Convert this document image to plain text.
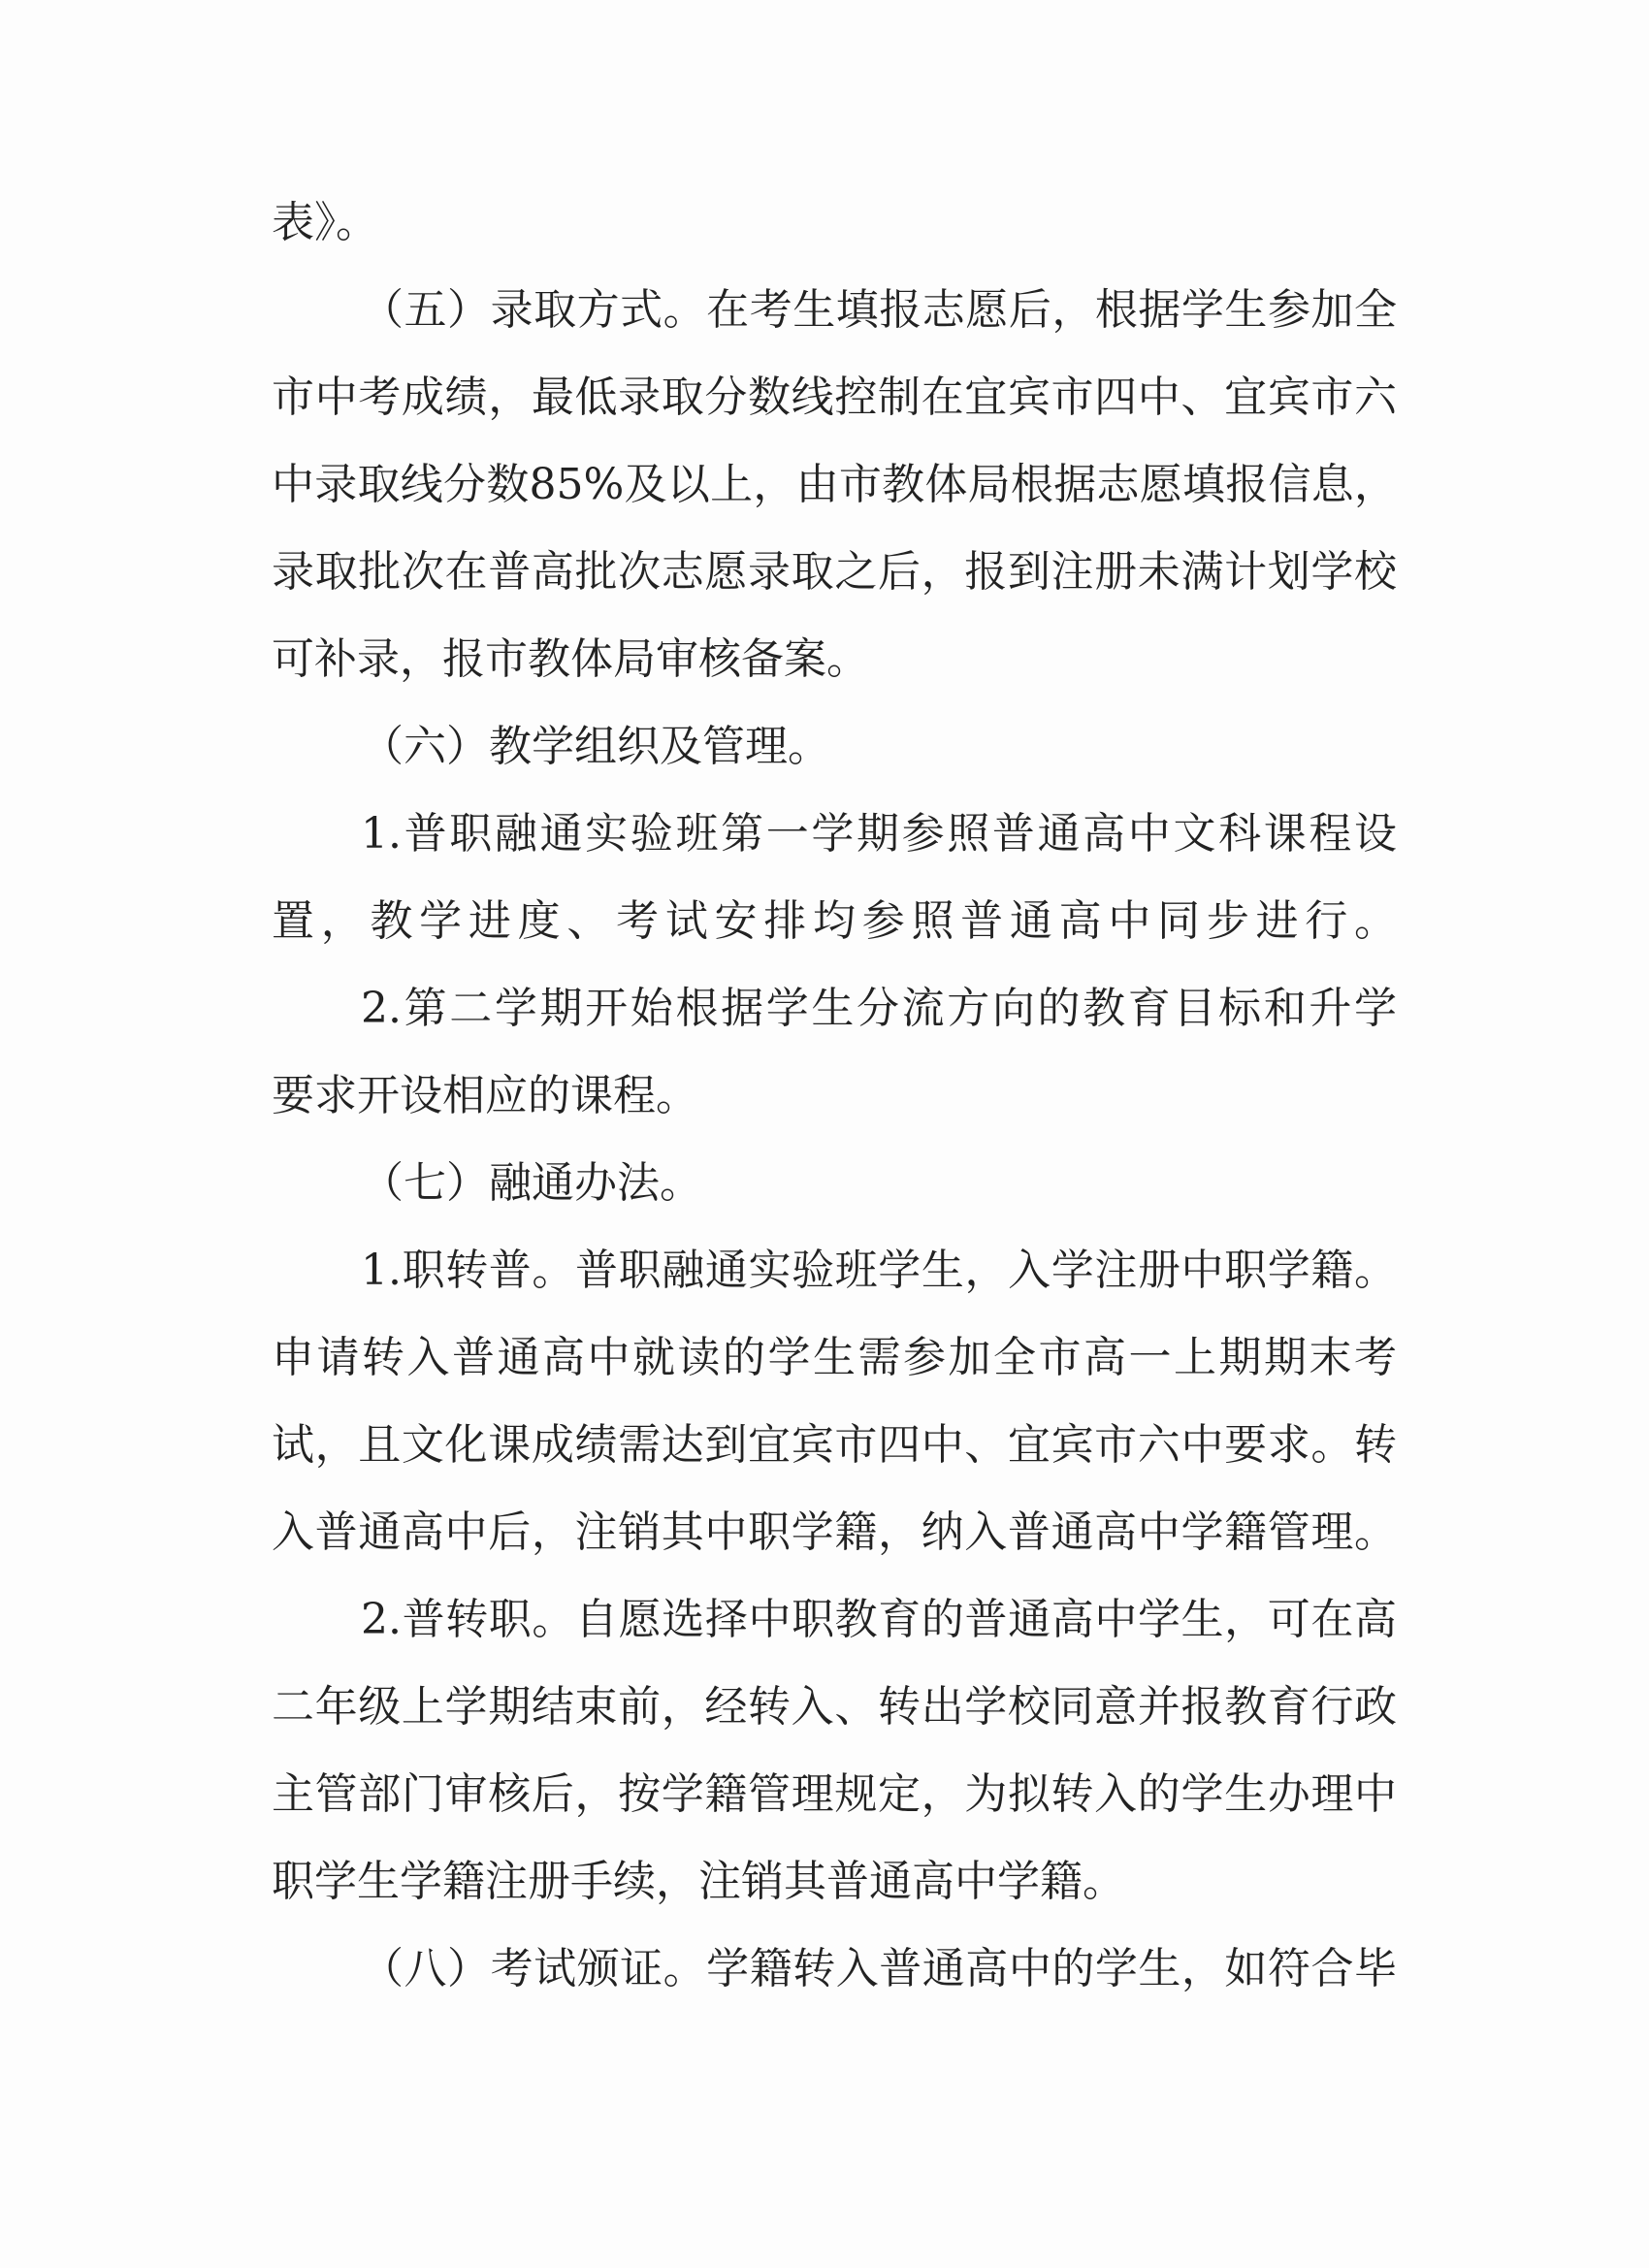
表》。
（五）录取方式。在考生填报志愿后，根据学生参加全
市中考成绩，最低录取分数线控制在宜宾市四中、宜宾市六
中录取线分数85%及以上，由市教体局根据志愿填报信息，
录取批次在普高批次志愿录取之后，报到注册未满计划学校
可补录，报市教体局审核备案。
（六）教学组织及管理。
1.普职融通实验班第一学期参照普通高中文科课程设
置，教学进度、考试安排均参照普通高中同步进行。
2.第二学期开始根据学生分流方向的教育目标和升学
要求开设相应的课程。
（七）融通办法。
1.职转普。普职融通实验班学生，入学注册中职学籍。
申请转入普通高中就读的学生需参加全市高一上期期末考
试，且文化课成绩需达到宜宾市四中、宜宾市六中要求。转
入普通高中后，注销其中职学籍，纳入普通高中学籍管理。
2.普转职。自愿选择中职教育的普通高中学生，可在高
二年级上学期结束前，经转入、转出学校同意并报教育行政
主管部门审核后，按学籍管理规定，为拟转入的学生办理中
职学生学籍注册手续，注销其普通高中学籍。
（八）考试颁证。学籍转入普通高中的学生，如符合毕
